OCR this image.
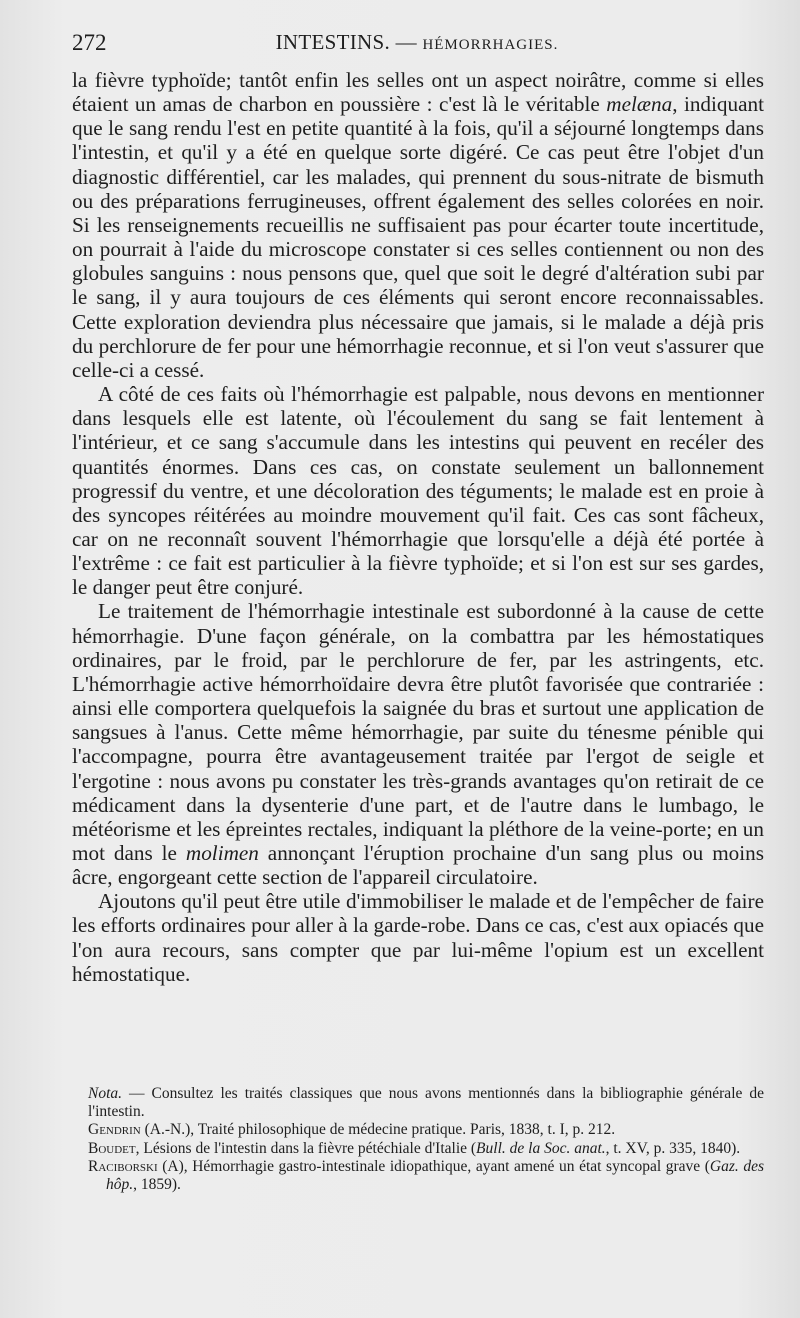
272	INTESTINS. — HÉMORRHAGIES.

la fièvre typhoïde; tantôt enfin les selles ont un aspect noirâtre, comme si elles étaient un amas de charbon en poussière : c'est là le véritable melæna, indiquant que le sang rendu l'est en petite quantité à la fois, qu'il a séjourné longtemps dans l'intestin, et qu'il y a été en quelque sorte digéré. Ce cas peut être l'objet d'un diagnostic différentiel, car les malades, qui prennent du sous-nitrate de bismuth ou des préparations ferrugineuses, offrent également des selles colorées en noir. Si les renseignements recueillis ne suffisaient pas pour écarter toute incertitude, on pourrait à l'aide du microscope constater si ces selles contiennent ou non des globules sanguins : nous pensons que, quel que soit le degré d'altération subi par le sang, il y aura toujours de ces éléments qui seront encore reconnaissables. Cette exploration deviendra plus nécessaire que jamais, si le malade a déjà pris du perchlorure de fer pour une hémorrhagie reconnue, et si l'on veut s'assurer que celle-ci a cessé.

A côté de ces faits où l'hémorrhagie est palpable, nous devons en mentionner dans lesquels elle est latente, où l'écoulement du sang se fait lentement à l'intérieur, et ce sang s'accumule dans les intestins qui peuvent en recéler des quantités énormes. Dans ces cas, on constate seulement un ballonnement progressif du ventre, et une décoloration des téguments; le malade est en proie à des syncopes réitérées au moindre mouvement qu'il fait. Ces cas sont fâcheux, car on ne reconnaît souvent l'hémorrhagie que lorsqu'elle a déjà été portée à l'extrême : ce fait est particulier à la fièvre typhoïde; et si l'on est sur ses gardes, le danger peut être conjuré.

Le traitement de l'hémorrhagie intestinale est subordonné à la cause de cette hémorrhagie. D'une façon générale, on la combattra par les hémostatiques ordinaires, par le froid, par le perchlorure de fer, par les astringents, etc. L'hémorrhagie active hémorrhoïdaire devra être plutôt favorisée que contrariée : ainsi elle comportera quelquefois la saignée du bras et surtout une application de sangsues à l'anus. Cette même hémorrhagie, par suite du ténesme pénible qui l'accompagne, pourra être avantageusement traitée par l'ergot de seigle et l'ergotine : nous avons pu constater les très-grands avantages qu'on retirait de ce médicament dans la dysenterie d'une part, et de l'autre dans le lumbago, le météorisme et les épreintes rectales, indiquant la pléthore de la veine-porte; en un mot dans le molimen annonçant l'éruption prochaine d'un sang plus ou moins âcre, engorgeant cette section de l'appareil circulatoire.

Ajoutons qu'il peut être utile d'immobiliser le malade et de l'empêcher de faire les efforts ordinaires pour aller à la garde-robe. Dans ce cas, c'est aux opiacés que l'on aura recours, sans compter que par lui-même l'opium est un excellent hémostatique.

Nota. — Consultez les traités classiques que nous avons mentionnés dans la bibliographie générale de l'intestin.

Gendrin (A.-N.), Traité philosophique de médecine pratique. Paris, 1838, t. I, p. 212.

Boudet, Lésions de l'intestin dans la fièvre pétéchiale d'Italie (Bull. de la Soc. anat., t. XV, p. 335, 1840).

Raciborski (A), Hémorrhagie gastro-intestinale idiopathique, ayant amené un état syncopal grave (Gaz. des hôp., 1859).
